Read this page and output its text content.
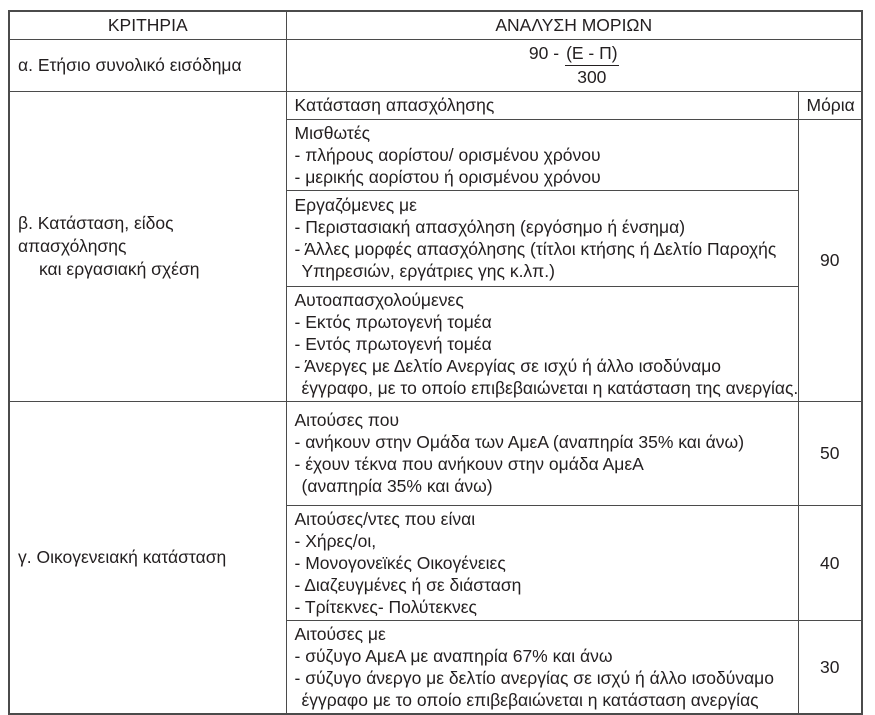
ΚΡΙΤΗΡΙΑ	ΑΝΑΛΥΣΗ ΜΟΡΙΩΝ	
α. Ετήσιο συνολικό εισόδημα	$90 - \frac{(E - \Pi)}{300}$

β. Κατάσταση, είδος απασχόλησης
και εργασιακή σχέση	Κατάσταση απασχόλησης	Μόρια

	Μισθωτές
- πλήρους αορίστου/ ορισμένου χρόνου
- μερικής αορίστου ή ορισμένου χρόνου	90

	Εργαζόμενες με
- Περιστασιακή απασχόληση (εργόσημο ή ένσημα)
- Άλλες μορφές απασχόλησης (τίτλοι κτήσης ή Δελτίο Παροχής
Υπηρεσιών, εργάτριες γης κ.λπ.)	

	Αυτοαπασχολούμενες
- Εκτός πρωτογενή τομέα
- Εντός πρωτογενή τομέα
- Άνεργες με Δελτίο Ανεργίας σε ισχύ ή άλλο ισοδύναμο
έγγραφο, με το οποίο επιβεβαιώνεται η κατάσταση της ανεργίας.	

γ. Οικογενειακή κατάσταση	Αιτούσες που
- ανήκουν στην Ομάδα των ΑμεΑ (αναπηρία 35% και άνω)
- έχουν τέκνα που ανήκουν στην ομάδα ΑμεΑ
(αναπηρία 35% και άνω)	50

	Αιτούσες/ντες που είναι
- Χήρες/οι,
- Μονογονεϊκές Οικογένειες
- Διαζευγμένες ή σε διάσταση
- Τρίτεκνες- Πολύτεκνες	40

	Αιτούσες με
- σύζυγο ΑμεΑ με αναπηρία 67% και άνω
- σύζυγο άνεργο με δελτίο ανεργίας σε ισχύ ή άλλο ισοδύναμο
έγγραφο με το οποίο επιβεβαιώνεται η κατάσταση ανεργίας	30
